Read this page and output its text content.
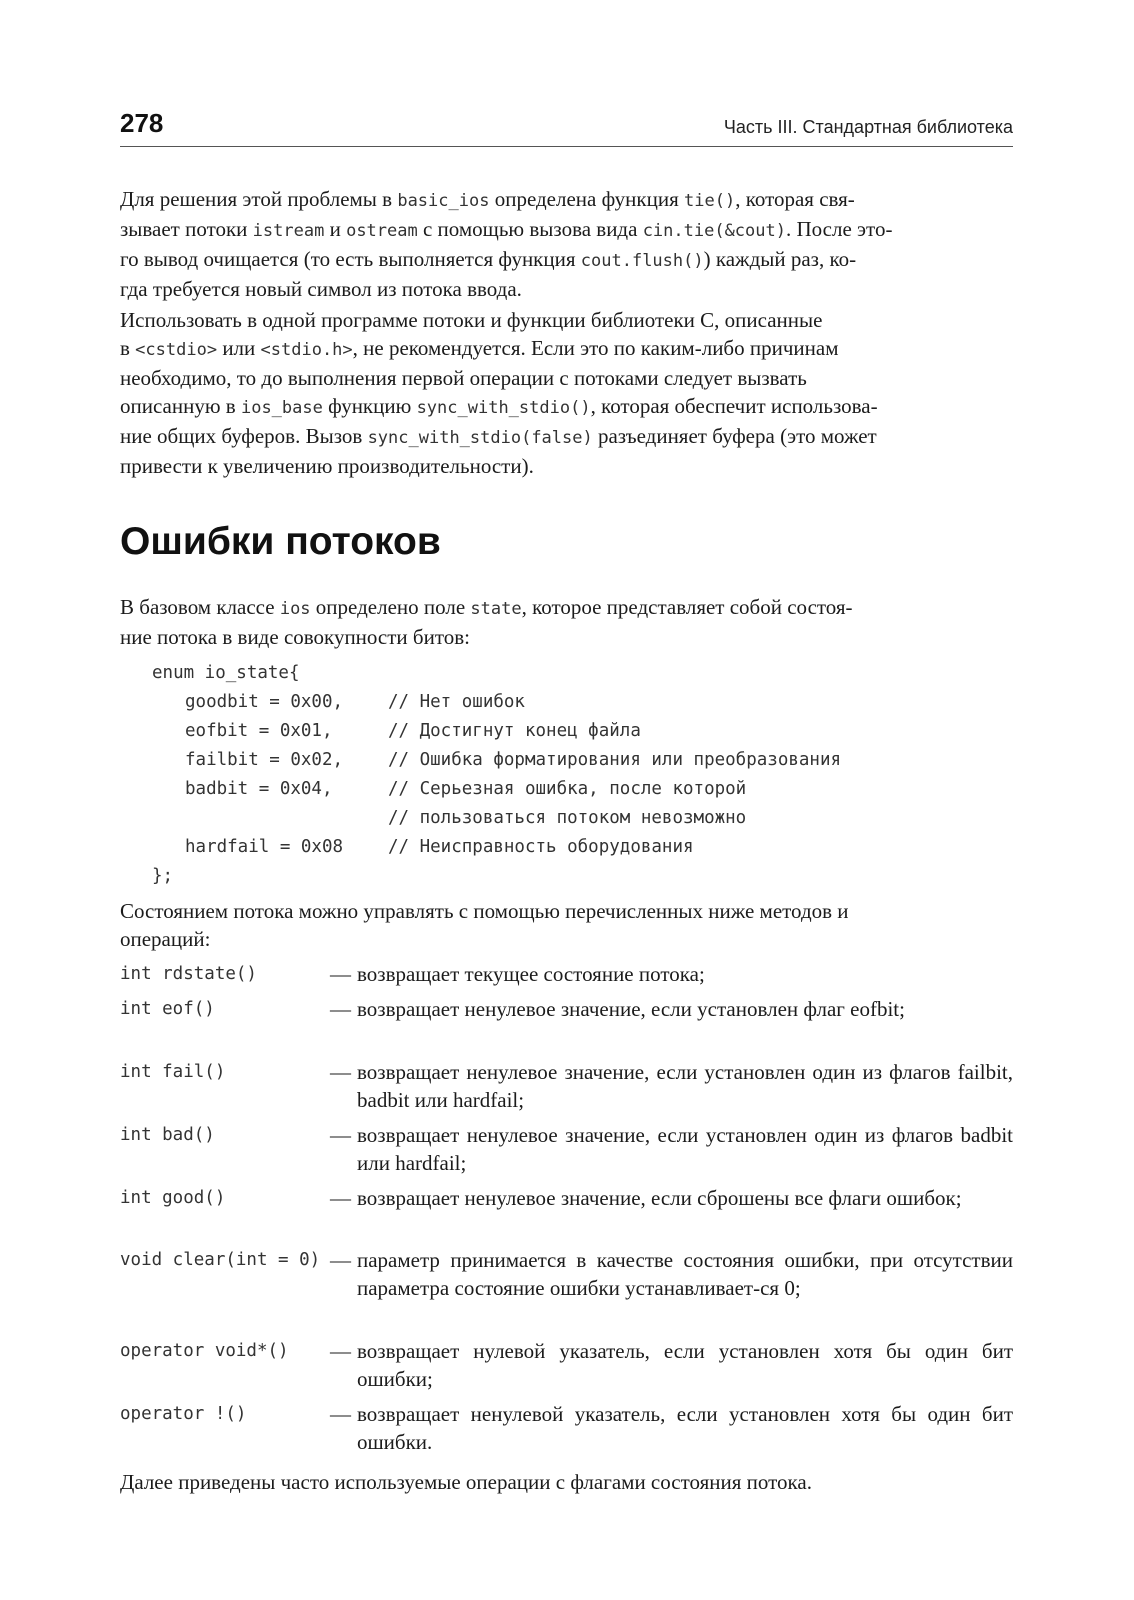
278	Часть III. Стандартная библиотека
Для решения этой проблемы в basic_ios определена функция tie(), которая свя-
зывает потоки istream и ostream с помощью вызова вида cin.tie(&cout). После это-
го вывод очищается (то есть выполняется функция cout.flush()) каждый раз, ко-
гда требуется новый символ из потока ввода.
Использовать в одной программе потоки и функции библиотеки С, описанные
в <cstdio> или <stdio.h>, не рекомендуется. Если это по каким-либо причинам
необходимо, то до выполнения первой операции с потоками следует вызвать
описанную в ios_base функцию sync_with_stdio(), которая обеспечит использова-
ние общих буферов. Вызов sync_with_stdio(false) разъединяет буфера (это может
привести к увеличению производительности).
Ошибки потоков
В базовом классе ios определено поле state, которое представляет собой состоя-
ние потока в виде совокупности битов:
enum io_state{
goodbit = 0x00,	// Нет ошибок
eofbit = 0x01,	// Достигнут конец файла
failbit = 0x02,	// Ошибка форматирования или преобразования
badbit = 0x04,	// Серьезная ошибка, после которой
// пользоваться потоком невозможно
hardfail = 0x08	// Неисправность оборудования
};
Состоянием потока можно управлять с помощью перечисленных ниже методов и
операций:
int rdstate()	— возвращает текущее состояние потока;
int eof()	— возвращает ненулевое значение, если установлен флаг eofbit;
int fail()	— возвращает ненулевое значение, если установлен один из флагов failbit, badbit или hardfail;
int bad()	— возвращает ненулевое значение, если установлен один из флагов badbit или hardfail;
int good()	— возвращает ненулевое значение, если сброшены все флаги ошибок;
void clear(int = 0) — параметр принимается в качестве состояния ошибки, при отсутствии параметра состояние ошибки устанавливает-ся 0;
operator void*() — возвращает нулевой указатель, если установлен хотя бы один бит ошибки;
operator !()	— возвращает ненулевой указатель, если установлен хотя бы один бит ошибки.
Далее приведены часто используемые операции с флагами состояния потока.
